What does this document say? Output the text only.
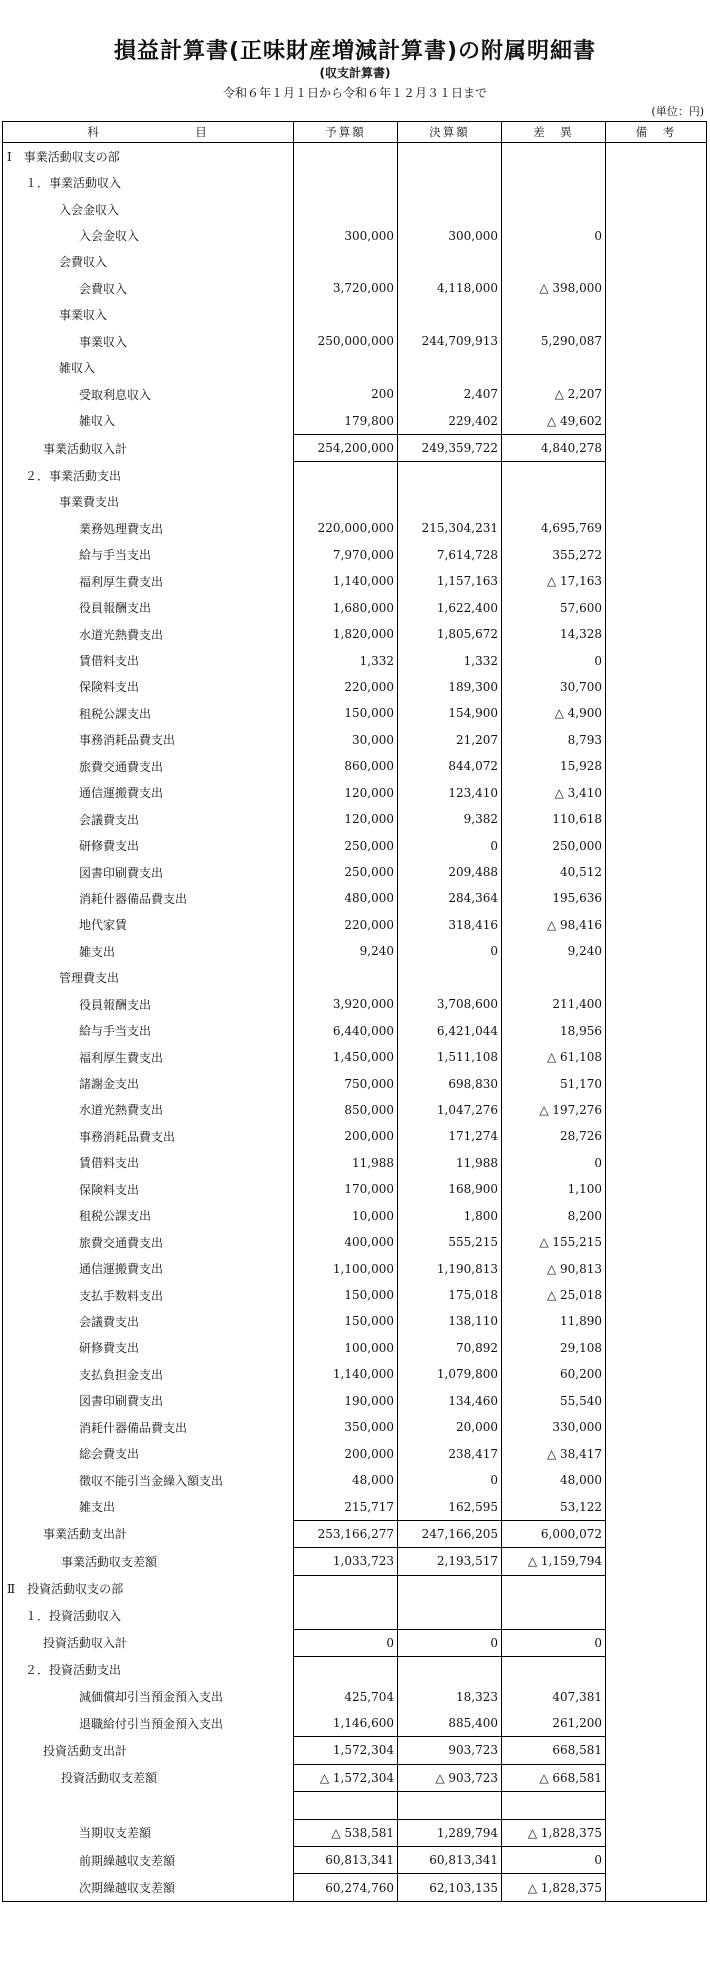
損益計算書(正味財産増減計算書)の附属明細書
(収支計算書)
令和６年１月１日から令和６年１２月３１日まで
(単位：円)
科　　　　　　　目	予算額	決算額	差　異	備　考
Ⅰ　事業活動収支の部				
１．事業活動収入				
入会金収入				
入会金収入	300,000	300,000	0	
会費収入				
会費収入	3,720,000	4,118,000	△ 398,000	
事業収入				
事業収入	250,000,000	244,709,913	5,290,087	
雑収入				
受取利息収入	200	2,407	△ 2,207	
雑収入	179,800	229,402	△ 49,602	
事業活動収入計	254,200,000	249,359,722	4,840,278	
２．事業活動支出				
事業費支出				
業務処理費支出	220,000,000	215,304,231	4,695,769	
給与手当支出	7,970,000	7,614,728	355,272	
福利厚生費支出	1,140,000	1,157,163	△ 17,163	
役員報酬支出	1,680,000	1,622,400	57,600	
水道光熱費支出	1,820,000	1,805,672	14,328	
賃借料支出	1,332	1,332	0	
保険料支出	220,000	189,300	30,700	
租税公課支出	150,000	154,900	△ 4,900	
事務消耗品費支出	30,000	21,207	8,793	
旅費交通費支出	860,000	844,072	15,928	
通信運搬費支出	120,000	123,410	△ 3,410	
会議費支出	120,000	9,382	110,618	
研修費支出	250,000	0	250,000	
図書印刷費支出	250,000	209,488	40,512	
消耗什器備品費支出	480,000	284,364	195,636	
地代家賃	220,000	318,416	△ 98,416	
雑支出	9,240	0	9,240	
管理費支出				
役員報酬支出	3,920,000	3,708,600	211,400	
給与手当支出	6,440,000	6,421,044	18,956	
福利厚生費支出	1,450,000	1,511,108	△ 61,108	
諸謝金支出	750,000	698,830	51,170	
水道光熱費支出	850,000	1,047,276	△ 197,276	
事務消耗品費支出	200,000	171,274	28,726	
賃借料支出	11,988	11,988	0	
保険料支出	170,000	168,900	1,100	
租税公課支出	10,000	1,800	8,200	
旅費交通費支出	400,000	555,215	△ 155,215	
通信運搬費支出	1,100,000	1,190,813	△ 90,813	
支払手数料支出	150,000	175,018	△ 25,018	
会議費支出	150,000	138,110	11,890	
研修費支出	100,000	70,892	29,108	
支払負担金支出	1,140,000	1,079,800	60,200	
図書印刷費支出	190,000	134,460	55,540	
消耗什器備品費支出	350,000	20,000	330,000	
総会費支出	200,000	238,417	△ 38,417	
徴収不能引当金繰入額支出	48,000	0	48,000	
雑支出	215,717	162,595	53,122	
事業活動支出計	253,166,277	247,166,205	6,000,072	
事業活動収支差額	1,033,723	2,193,517	△ 1,159,794	
Ⅱ　投資活動収支の部				
１．投資活動収入				
投資活動収入計	0	0	0	
２．投資活動支出				
減価償却引当預金預入支出	425,704	18,323	407,381	
退職給付引当預金預入支出	1,146,600	885,400	261,200	
投資活動支出計	1,572,304	903,723	668,581	
投資活動収支差額	△ 1,572,304	△ 903,723	△ 668,581	

当期収支差額	△ 538,581	1,289,794	△ 1,828,375	
前期繰越収支差額	60,813,341	60,813,341	0	
次期繰越収支差額	60,274,760	62,103,135	△ 1,828,375	
